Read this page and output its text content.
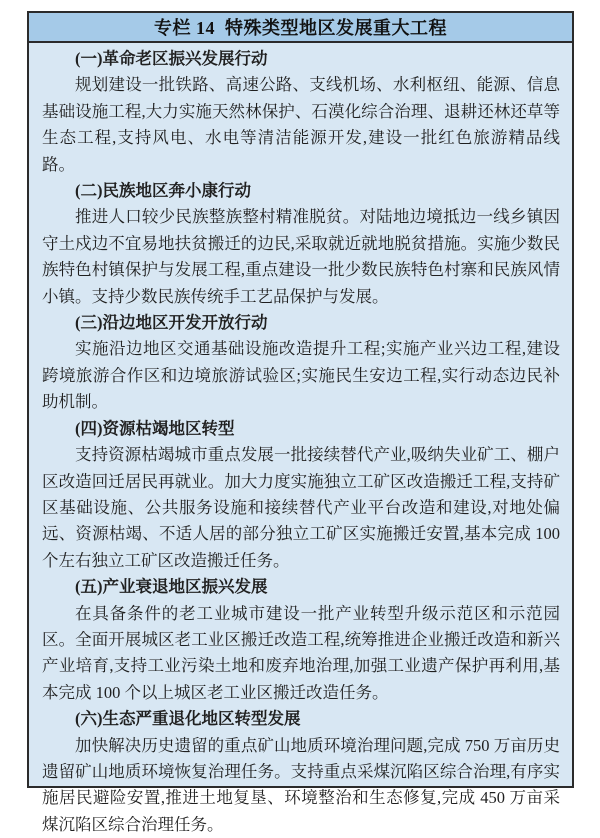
专栏 14  特殊类型地区发展重大工程

(一)革命老区振兴发展行动

规划建设一批铁路、高速公路、支线机场、水利枢纽、能源、信息基础设施工程,大力实施天然林保护、石漠化综合治理、退耕还林还草等生态工程,支持风电、水电等清洁能源开发,建设一批红色旅游精品线路。

(二)民族地区奔小康行动

推进人口较少民族整族整村精准脱贫。对陆地边境抵边一线乡镇因守土戍边不宜易地扶贫搬迁的边民,采取就近就地脱贫措施。实施少数民族特色村镇保护与发展工程,重点建设一批少数民族特色村寨和民族风情小镇。支持少数民族传统手工艺品保护与发展。

(三)沿边地区开发开放行动

实施沿边地区交通基础设施改造提升工程;实施产业兴边工程,建设跨境旅游合作区和边境旅游试验区;实施民生安边工程,实行动态边民补助机制。

(四)资源枯竭地区转型

支持资源枯竭城市重点发展一批接续替代产业,吸纳失业矿工、棚户区改造回迁居民再就业。加大力度实施独立工矿区改造搬迁工程,支持矿区基础设施、公共服务设施和接续替代产业平台改造和建设,对地处偏远、资源枯竭、不适人居的部分独立工矿区实施搬迁安置,基本完成 100 个左右独立工矿区改造搬迁任务。

(五)产业衰退地区振兴发展

在具备条件的老工业城市建设一批产业转型升级示范区和示范园区。全面开展城区老工业区搬迁改造工程,统筹推进企业搬迁改造和新兴产业培育,支持工业污染土地和废弃地治理,加强工业遗产保护再利用,基本完成 100 个以上城区老工业区搬迁改造任务。

(六)生态严重退化地区转型发展

加快解决历史遗留的重点矿山地质环境治理问题,完成 750 万亩历史遗留矿山地质环境恢复治理任务。支持重点采煤沉陷区综合治理,有序实施居民避险安置,推进土地复垦、环境整治和生态修复,完成 450 万亩采煤沉陷区综合治理任务。
